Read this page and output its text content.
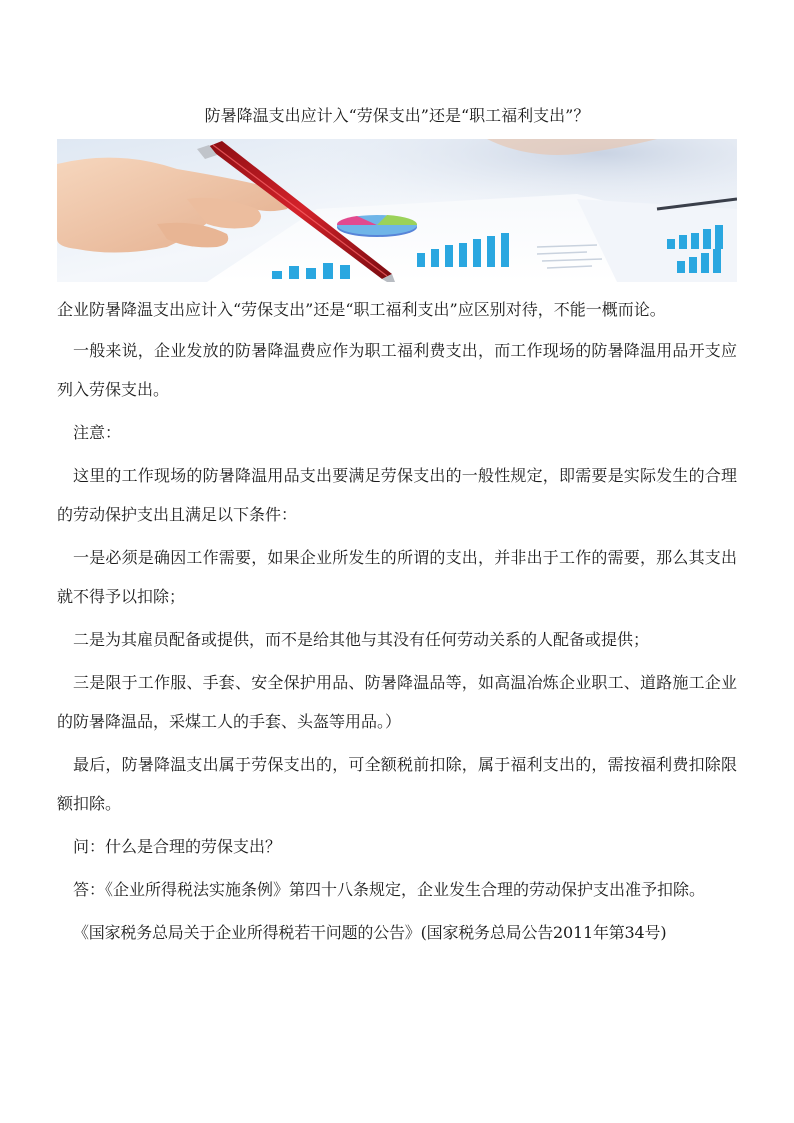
防暑降温支出应计入“劳保支出”还是“职工福利支出”？

企业防暑降温支出应计入“劳保支出”还是“职工福利支出”应区别对待，不能一概而论。

一般来说，企业发放的防暑降温费应作为职工福利费支出，而工作现场的防暑降温用品开支应列入劳保支出。

注意：

这里的工作现场的防暑降温用品支出要满足劳保支出的一般性规定，即需要是实际发生的合理的劳动保护支出且满足以下条件：

一是必须是确因工作需要，如果企业所发生的所谓的支出，并非出于工作的需要，那么其支出就不得予以扣除；

二是为其雇员配备或提供，而不是给其他与其没有任何劳动关系的人配备或提供；

三是限于工作服、手套、安全保护用品、防暑降温品等，如高温冶炼企业职工、道路施工企业的防暑降温品，采煤工人的手套、头盔等用品。）

最后，防暑降温支出属于劳保支出的，可全额税前扣除，属于福利支出的，需按福利费扣除限额扣除。

问：什么是合理的劳保支出？

答：《企业所得税法实施条例》第四十八条规定，企业发生合理的劳动保护支出准予扣除。

《国家税务总局关于企业所得税若干问题的公告》(国家税务总局公告2011年第34号)
